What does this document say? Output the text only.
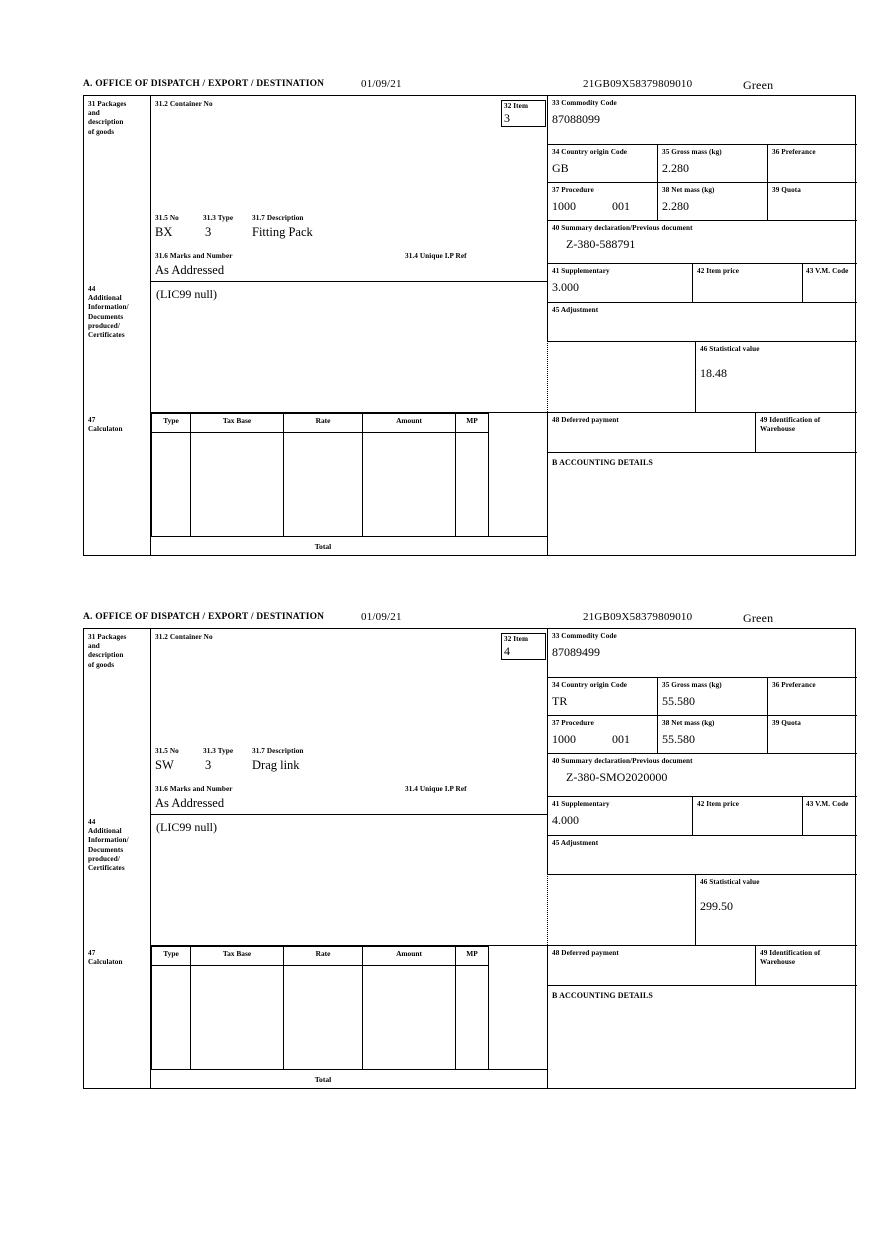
A. OFFICE OF DISPATCH / EXPORT / DESTINATION	01/09/21	21GB09X58379809010	Green
31 Packages
and
description
of goods
31.2 Container No
31.5 No	31.3 Type	31.7 Description
BX	3	Fitting Pack
31.6 Marks and Number	31.4 Unique I.P Ref
As Addressed
32 Item
3
33 Commodity Code
87088099
34 Country origin Code
GB
35 Gross mass (kg)
2.280
36 Preferance
37 Procedure
1000	001
38 Net mass (kg)
2.280
39 Quota
40 Summary declaration/Previous document
Z-380-588791
41 Supplementary
3.000
42 Item price	43 V.M. Code
45 Adjustment
46 Statistical value
18.48
44
Additional
Information/
Documents
produced/
Certificates
(LIC99 null)
47
Calculaton
Type	Tax Base	Rate	Amount	MP	

		Total			
48 Deferred payment	49 Identification of Warehouse
B ACCOUNTING DETAILS
A. OFFICE OF DISPATCH / EXPORT / DESTINATION	01/09/21	21GB09X58379809010	Green
31 Packages
and
description
of goods
31.2 Container No
31.5 No	31.3 Type	31.7 Description
SW	3	Drag link
31.6 Marks and Number	31.4 Unique I.P Ref
As Addressed
32 Item
4
33 Commodity Code
87089499
34 Country origin Code
TR
35 Gross mass (kg)
55.580
36 Preferance
37 Procedure
1000	001
38 Net mass (kg)
55.580
39 Quota
40 Summary declaration/Previous document
Z-380-SMO2020000
41 Supplementary
4.000
42 Item price	43 V.M. Code
45 Adjustment
46 Statistical value
299.50
44
Additional
Information/
Documents
produced/
Certificates
(LIC99 null)
47
Calculaton
Type	Tax Base	Rate	Amount	MP	

		Total			
48 Deferred payment	49 Identification of Warehouse
B ACCOUNTING DETAILS
